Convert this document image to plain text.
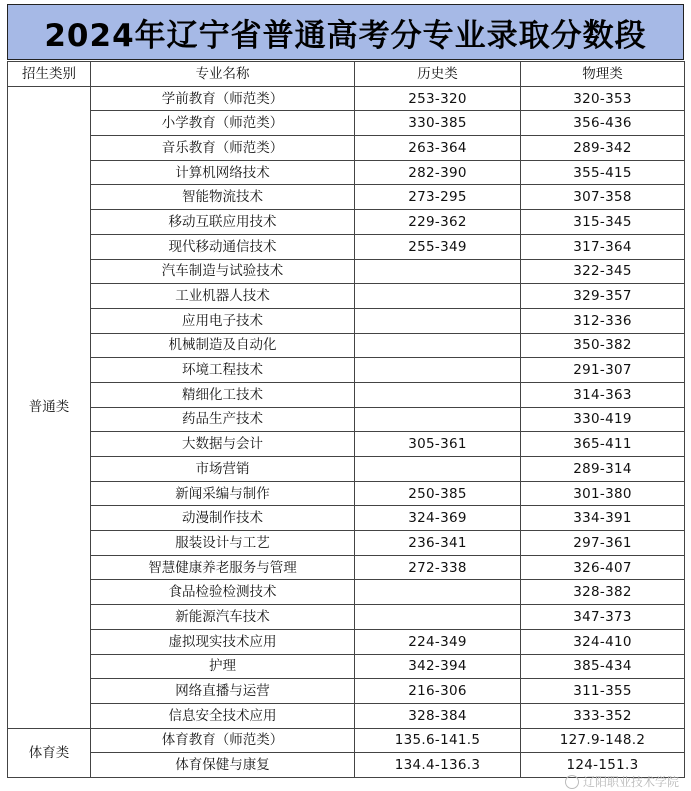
2024年辽宁省普通高考分专业录取分数段
招生类别	专业名称	历史类	物理类
普通类	学前教育（师范类）	253-320	320-353
	小学教育（师范类）	330-385	356-436
	音乐教育（师范类）	263-364	289-342
	计算机网络技术	282-390	355-415
	智能物流技术	273-295	307-358
	移动互联应用技术	229-362	315-345
	现代移动通信技术	255-349	317-364
	汽车制造与试验技术		322-345
	工业机器人技术		329-357
	应用电子技术		312-336
	机械制造及自动化		350-382
	环境工程技术		291-307
	精细化工技术		314-363
	药品生产技术		330-419
	大数据与会计	305-361	365-411
	市场营销		289-314
	新闻采编与制作	250-385	301-380
	动漫制作技术	324-369	334-391
	服装设计与工艺	236-341	297-361
	智慧健康养老服务与管理	272-338	326-407
	食品检验检测技术		328-382
	新能源汽车技术		347-373
	虚拟现实技术应用	224-349	324-410
	护理	342-394	385-434
	网络直播与运营	216-306	311-355
	信息安全技术应用	328-384	333-352
体育类	体育教育（师范类）	135.6-141.5	127.9-148.2
	体育保健与康复	134.4-136.3	124-151.3
辽阳职业技术学院
